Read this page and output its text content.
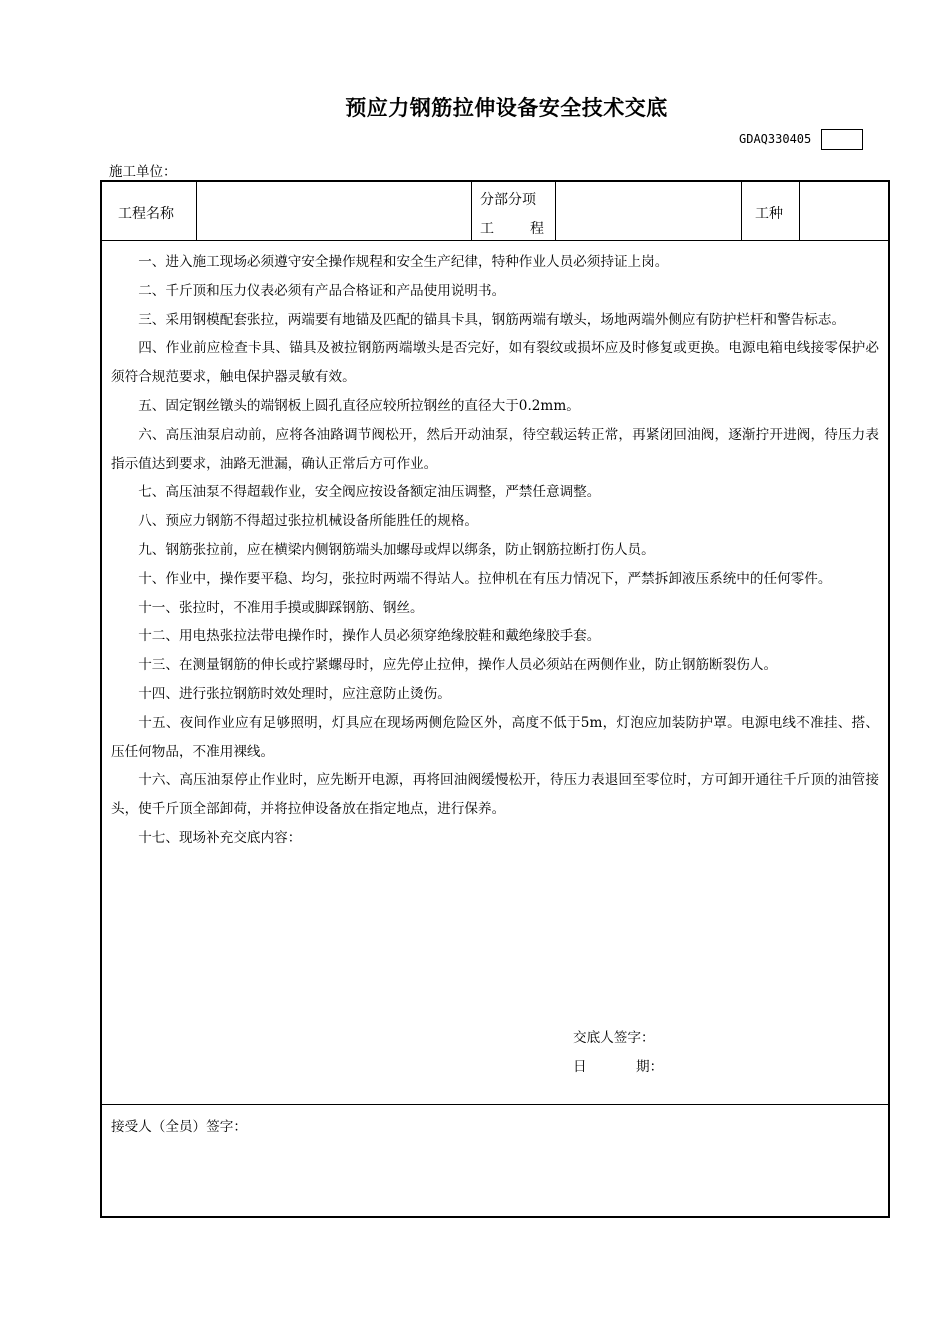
预应力钢筋拉伸设备安全技术交底
GDAQ330405
施工单位：
工程名称
分部分项
工	程
工种

一、进入施工现场必须遵守安全操作规程和安全生产纪律，特种作业人员必须持证上岗。

二、千斤顶和压力仪表必须有产品合格证和产品使用说明书。

三、采用钢模配套张拉，两端要有地锚及匹配的锚具卡具，钢筋两端有墩头，场地两端外侧应有防护栏杆和警告标志。

四、作业前应检查卡具、锚具及被拉钢筋两端墩头是否完好，如有裂纹或损坏应及时修复或更换。电源电箱电线接零保护必须符合规范要求，触电保护器灵敏有效。

五、固定钢丝镦头的端钢板上圆孔直径应较所拉钢丝的直径大于0.2mm。

六、高压油泵启动前，应将各油路调节阀松开，然后开动油泵，待空载运转正常，再紧闭回油阀，逐渐拧开进阀，待压力表指示值达到要求，油路无泄漏，确认正常后方可作业。

七、高压油泵不得超载作业，安全阀应按设备额定油压调整，严禁任意调整。

八、预应力钢筋不得超过张拉机械设备所能胜任的规格。

九、钢筋张拉前，应在横梁内侧钢筋端头加螺母或焊以绑条，防止钢筋拉断打伤人员。

十、作业中，操作要平稳、均匀，张拉时两端不得站人。拉伸机在有压力情况下，严禁拆卸液压系统中的任何零件。

十一、张拉时，不准用手摸或脚踩钢筋、钢丝。

十二、用电热张拉法带电操作时，操作人员必须穿绝缘胶鞋和戴绝缘胶手套。

十三、在测量钢筋的伸长或拧紧螺母时，应先停止拉伸，操作人员必须站在两侧作业，防止钢筋断裂伤人。

十四、进行张拉钢筋时效处理时，应注意防止烫伤。

十五、夜间作业应有足够照明，灯具应在现场两侧危险区外，高度不低于5m，灯泡应加装防护罩。电源电线不准挂、搭、压任何物品，不准用裸线。

十六、高压油泵停止作业时，应先断开电源，再将回油阀缓慢松开，待压力表退回至零位时，方可卸开通往千斤顶的油管接头，使千斤顶全部卸荷，并将拉伸设备放在指定地点，进行保养。

十七、现场补充交底内容：

交底人签字：
日	期：
接受人（全员）签字：
